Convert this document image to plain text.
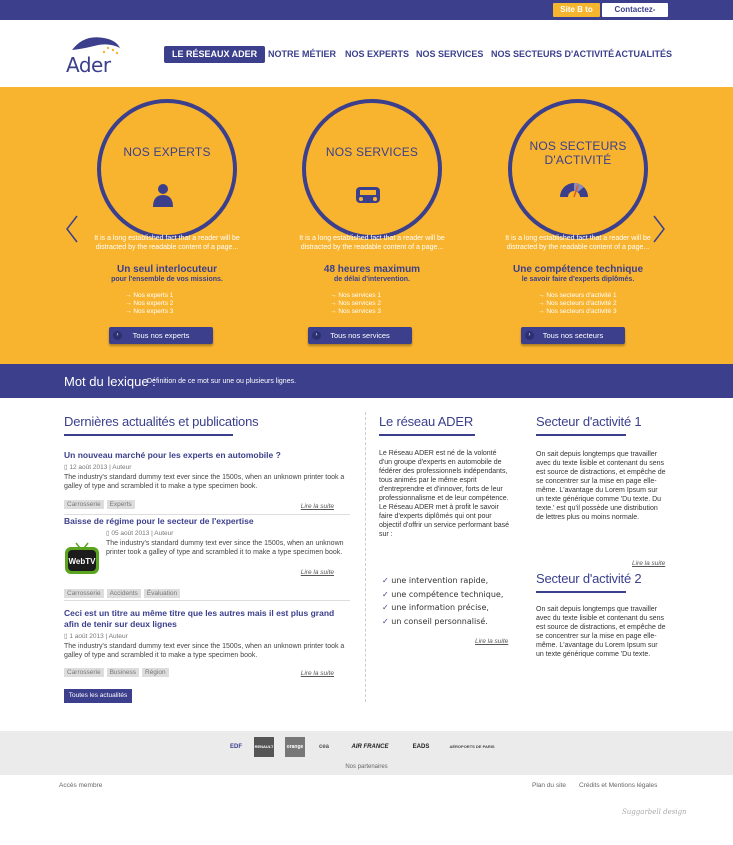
Site B to	Contactez-
Ader	LE RÉSEAUX ADER	NOTRE MÉTIER NOS EXPERTS NOS SERVICES NOS SECTEURS D'ACTIVITÉ ACTUALITÉS
NOS EXPERTS
It is a long established fact that a reader will be distracted by the readable content of a page...
Un seul interlocuteur
pour l'ensemble de vos missions.
→ Nos experts 1
→ Nos experts 2
→ Nos experts 3
›	Tous nos experts
NOS SERVICES
It is a long established fact that a reader will be distracted by the readable content of a page...
48 heures maximum
de délai d'intervention.
→ Nos services 1
→ Nos services 2
→ Nos services 3
›	Tous nos services
NOS SECTEURS D'ACTIVITÉ
It is a long established fact that a reader will be distracted by the readable content of a page...
Une compétence technique
le savoir faire d'experts diplômés.
→ Nos secteurs d'activité 1
→ Nos secteurs d'activité 2
→ Nos secteurs d'activité 3
›	Tous nos secteurs
Mot du lexique :
Définition de ce mot sur une ou plusieurs lignes.
Dernières actualités et publications
Un nouveau marché pour les experts en automobile ?
▯ 12 août 2013 | Auteur
The industry's standard dummy text ever since the 1500s, when an unknown printer took a galley of type and scrambled it to make a type specimen book.
Carrosserie Experts	Lire la suite
Baisse de régime pour le secteur de l'expertise
WebTV
▯ 05 août 2013 | Auteur
The industry's standard dummy text ever since the 1500s, when an unknown printer took a galley of type and scrambled it to make a type specimen book.
Carrosserie Accidents Évaluation
Lire la suite
Ceci est un titre au même titre que les autres mais il est plus grand afin de tenir sur deux lignes
▯ 1 août 2013 | Auteur
The industry's standard dummy text ever since the 1500s, when an unknown printer took a galley of type and scrambled it to make a type specimen book.
Carrosserie Business Région	Lire la suite
Toutes les actualités
Le réseau ADER

Le Réseau ADER est né de la volonté d'un groupe d'experts en automobile de fédérer des professionnels indépendants, tous animés par le même esprit d'entreprendre et d'innover, forts de leur professionnalisme et de leur compétence.

Le Réseau ADER met à profit le savoir faire d'experts diplômés qui ont pour objectif d'offrir un service performant basé sur :

✓ une intervention rapide,
✓ une compétence technique,
✓ une information précise,
✓ un conseil personnalisé.
Lire la suite
Secteur d'activité 1
On sait depuis longtemps que travailler avec du texte lisible et contenant du sens est source de distractions, et empêche de se concentrer sur la mise en page elle-même. L'avantage du Lorem Ipsum sur un texte générique comme 'Du texte. Du texte.' est qu'il possède une distribution de lettres plus ou moins normale.
Lire la suite
Secteur d'activité 2
On sait depuis longtemps que travailler avec du texte lisible et contenant du sens est source de distractions, et empêche de se concentrer sur la mise en page elle-même. L'avantage du Lorem Ipsum sur un texte générique comme 'Du texte.
EDF	RENAULT	orange	cea	AIR FRANCE	EADS	AÉROPORTS DE PARIS
Nos partenaires
Accès membre	Plan du site Crédits et Mentions légales
Suggarbell design
